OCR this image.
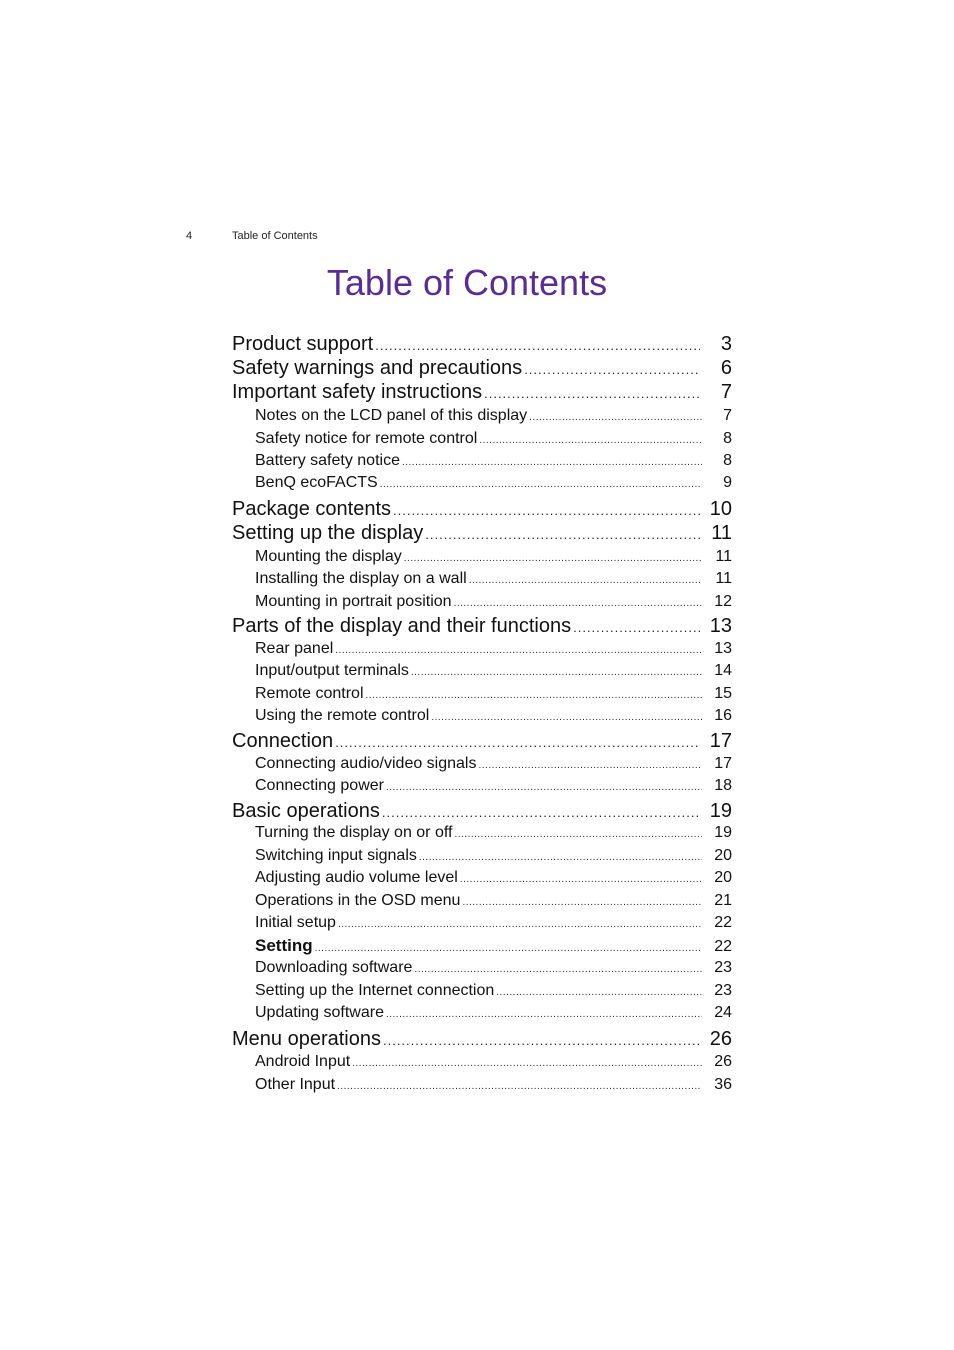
4	Table of Contents
Table of Contents
Product support .....	3
Safety warnings and precautions .....	6
Important safety instructions .....	7
Notes on the LCD panel of this display .....	7
Safety notice for remote control .....	8
Battery safety notice .....	8
BenQ ecoFACTS .....	9
Package contents .....	10
Setting up the display .....	11
Mounting the display .....	11
Installing the display on a wall .....	11
Mounting in portrait position .....	12
Parts of the display and their functions .....	13
Rear panel .....	13
Input/output terminals .....	14
Remote control .....	15
Using the remote control .....	16
Connection .....	17
Connecting audio/video signals .....	17
Connecting power .....	18
Basic operations .....	19
Turning the display on or off .....	19
Switching input signals .....	20
Adjusting audio volume level .....	20
Operations in the OSD menu .....	21
Initial setup .....	22
Setting .....	22
Downloading software .....	23
Setting up the Internet connection .....	23
Updating software .....	24
Menu operations .....	26
Android Input .....	26
Other Input .....	36
